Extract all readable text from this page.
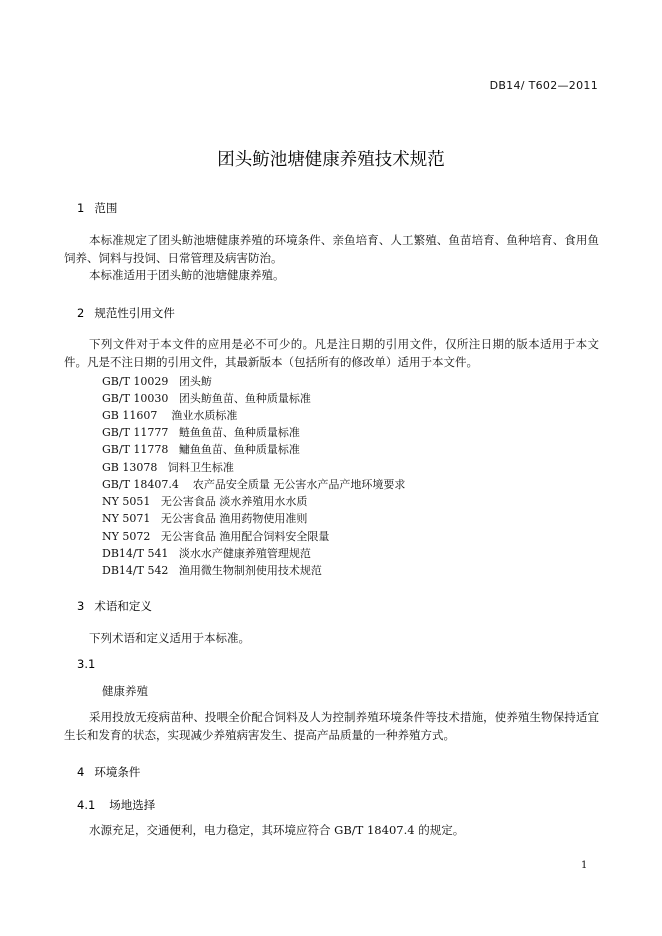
DB14/ T602—2011
团头鲂池塘健康养殖技术规范
1 范围
本标准规定了团头鲂池塘健康养殖的环境条件、亲鱼培育、人工繁殖、鱼苗培育、鱼种培育、食用鱼饲养、饲料与投饲、日常管理及病害防治。
本标准适用于团头鲂的池塘健康养殖。
2 规范性引用文件
下列文件对于本文件的应用是必不可少的。凡是注日期的引用文件，仅所注日期的版本适用于本文件。凡是不注日期的引用文件，其最新版本（包括所有的修改单）适用于本文件。
GB/T 10029   团头鲂
GB/T 10030   团头鲂鱼苗、鱼种质量标准
GB 11607    渔业水质标准
GB/T 11777   鲢鱼鱼苗、鱼种质量标准
GB/T 11778   鳙鱼鱼苗、鱼种质量标准
GB 13078   饲料卫生标准
GB/T 18407.4    农产品安全质量 无公害水产品产地环境要求
NY 5051   无公害食品 淡水养殖用水水质
NY 5071   无公害食品 渔用药物使用准则
NY 5072   无公害食品 渔用配合饲料安全限量
DB14/T 541   淡水水产健康养殖管理规范
DB14/T 542   渔用微生物制剂使用技术规范
3 术语和定义
下列术语和定义适用于本标准。
3.1
健康养殖
采用投放无疫病苗种、投喂全价配合饲料及人为控制养殖环境条件等技术措施，使养殖生物保持适宜生长和发育的状态，实现减少养殖病害发生、提高产品质量的一种养殖方式。
4 环境条件
4.1 场地选择
水源充足，交通便利，电力稳定，其环境应符合 GB/T 18407.4 的规定。
1
